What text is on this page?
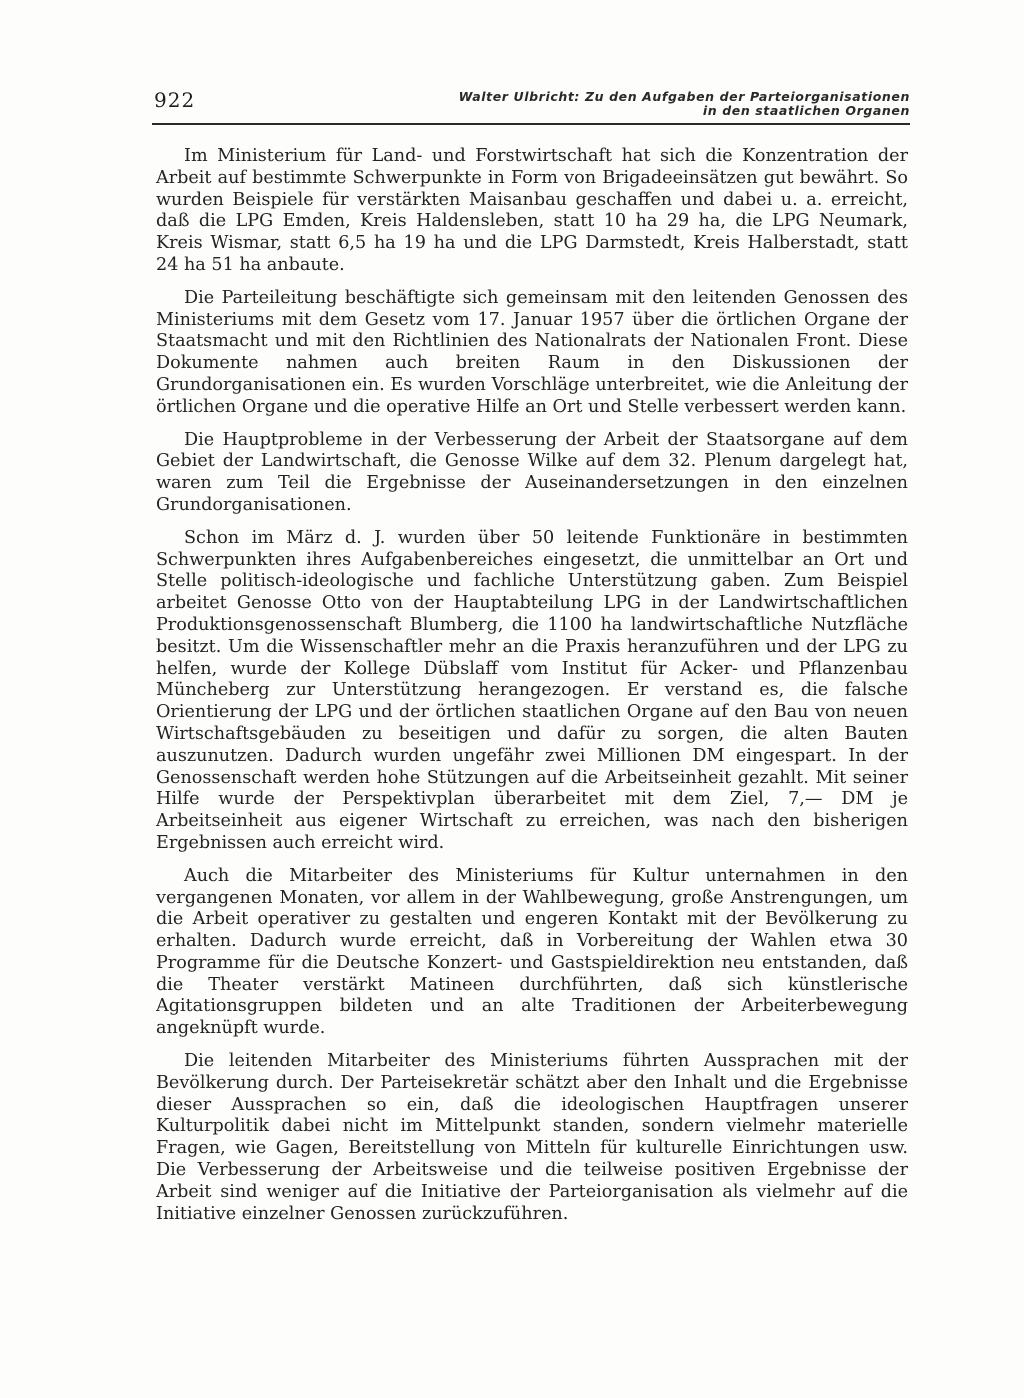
922	Walter Ulbricht: Zu den Aufgaben der Parteiorganisationen
in den staatlichen Organen

Im Ministerium für Land- und Forstwirtschaft hat sich die Konzentration der Arbeit auf bestimmte Schwerpunkte in Form von Brigadeeinsätzen gut bewährt. So wurden Beispiele für verstärkten Maisanbau geschaffen und dabei u. a. erreicht, daß die LPG Emden, Kreis Haldensleben, statt 10 ha 29 ha, die LPG Neumark, Kreis Wismar, statt 6,5 ha 19 ha und die LPG Darmstedt, Kreis Halberstadt, statt 24 ha 51 ha anbaute.

Die Parteileitung beschäftigte sich gemeinsam mit den leitenden Genossen des Ministeriums mit dem Gesetz vom 17. Januar 1957 über die örtlichen Organe der Staatsmacht und mit den Richtlinien des Nationalrats der Nationalen Front. Diese Dokumente nahmen auch breiten Raum in den Diskussionen der Grundorganisationen ein. Es wurden Vorschläge unterbreitet, wie die Anleitung der örtlichen Organe und die operative Hilfe an Ort und Stelle verbessert werden kann.

Die Hauptprobleme in der Verbesserung der Arbeit der Staatsorgane auf dem Gebiet der Landwirtschaft, die Genosse Wilke auf dem 32. Plenum dargelegt hat, waren zum Teil die Ergebnisse der Auseinandersetzungen in den einzelnen Grundorganisationen.

Schon im März d. J. wurden über 50 leitende Funktionäre in bestimmten Schwerpunkten ihres Aufgabenbereiches eingesetzt, die unmittelbar an Ort und Stelle politisch-ideologische und fachliche Unterstützung gaben. Zum Beispiel arbeitet Genosse Otto von der Hauptabteilung LPG in der Landwirtschaftlichen Produktionsgenossenschaft Blumberg, die 1100 ha landwirtschaftliche Nutzfläche besitzt. Um die Wissenschaftler mehr an die Praxis heranzuführen und der LPG zu helfen, wurde der Kollege Dübslaff vom Institut für Acker- und Pflanzenbau Müncheberg zur Unterstützung herangezogen. Er verstand es, die falsche Orientierung der LPG und der örtlichen staatlichen Organe auf den Bau von neuen Wirtschaftsgebäuden zu beseitigen und dafür zu sorgen, die alten Bauten auszunutzen. Dadurch wurden ungefähr zwei Millionen DM eingespart. In der Genossenschaft werden hohe Stützungen auf die Arbeitseinheit gezahlt. Mit seiner Hilfe wurde der Perspektivplan überarbeitet mit dem Ziel, 7,— DM je Arbeitseinheit aus eigener Wirtschaft zu erreichen, was nach den bisherigen Ergebnissen auch erreicht wird.

Auch die Mitarbeiter des Ministeriums für Kultur unternahmen in den vergangenen Monaten, vor allem in der Wahlbewegung, große Anstrengungen, um die Arbeit operativer zu gestalten und engeren Kontakt mit der Bevölkerung zu erhalten. Dadurch wurde erreicht, daß in Vorbereitung der Wahlen etwa 30 Programme für die Deutsche Konzert- und Gastspieldirektion neu entstanden, daß die Theater verstärkt Matineen durchführten, daß sich künstlerische Agitationsgruppen bildeten und an alte Traditionen der Arbeiterbewegung angeknüpft wurde.

Die leitenden Mitarbeiter des Ministeriums führten Aussprachen mit der Bevölkerung durch. Der Parteisekretär schätzt aber den Inhalt und die Ergebnisse dieser Aussprachen so ein, daß die ideologischen Hauptfragen unserer Kulturpolitik dabei nicht im Mittelpunkt standen, sondern vielmehr materielle Fragen, wie Gagen, Bereitstellung von Mitteln für kulturelle Einrichtungen usw. Die Verbesserung der Arbeitsweise und die teilweise positiven Ergebnisse der Arbeit sind weniger auf die Initiative der Parteiorganisation als vielmehr auf die Initiative einzelner Genossen zurückzuführen.
